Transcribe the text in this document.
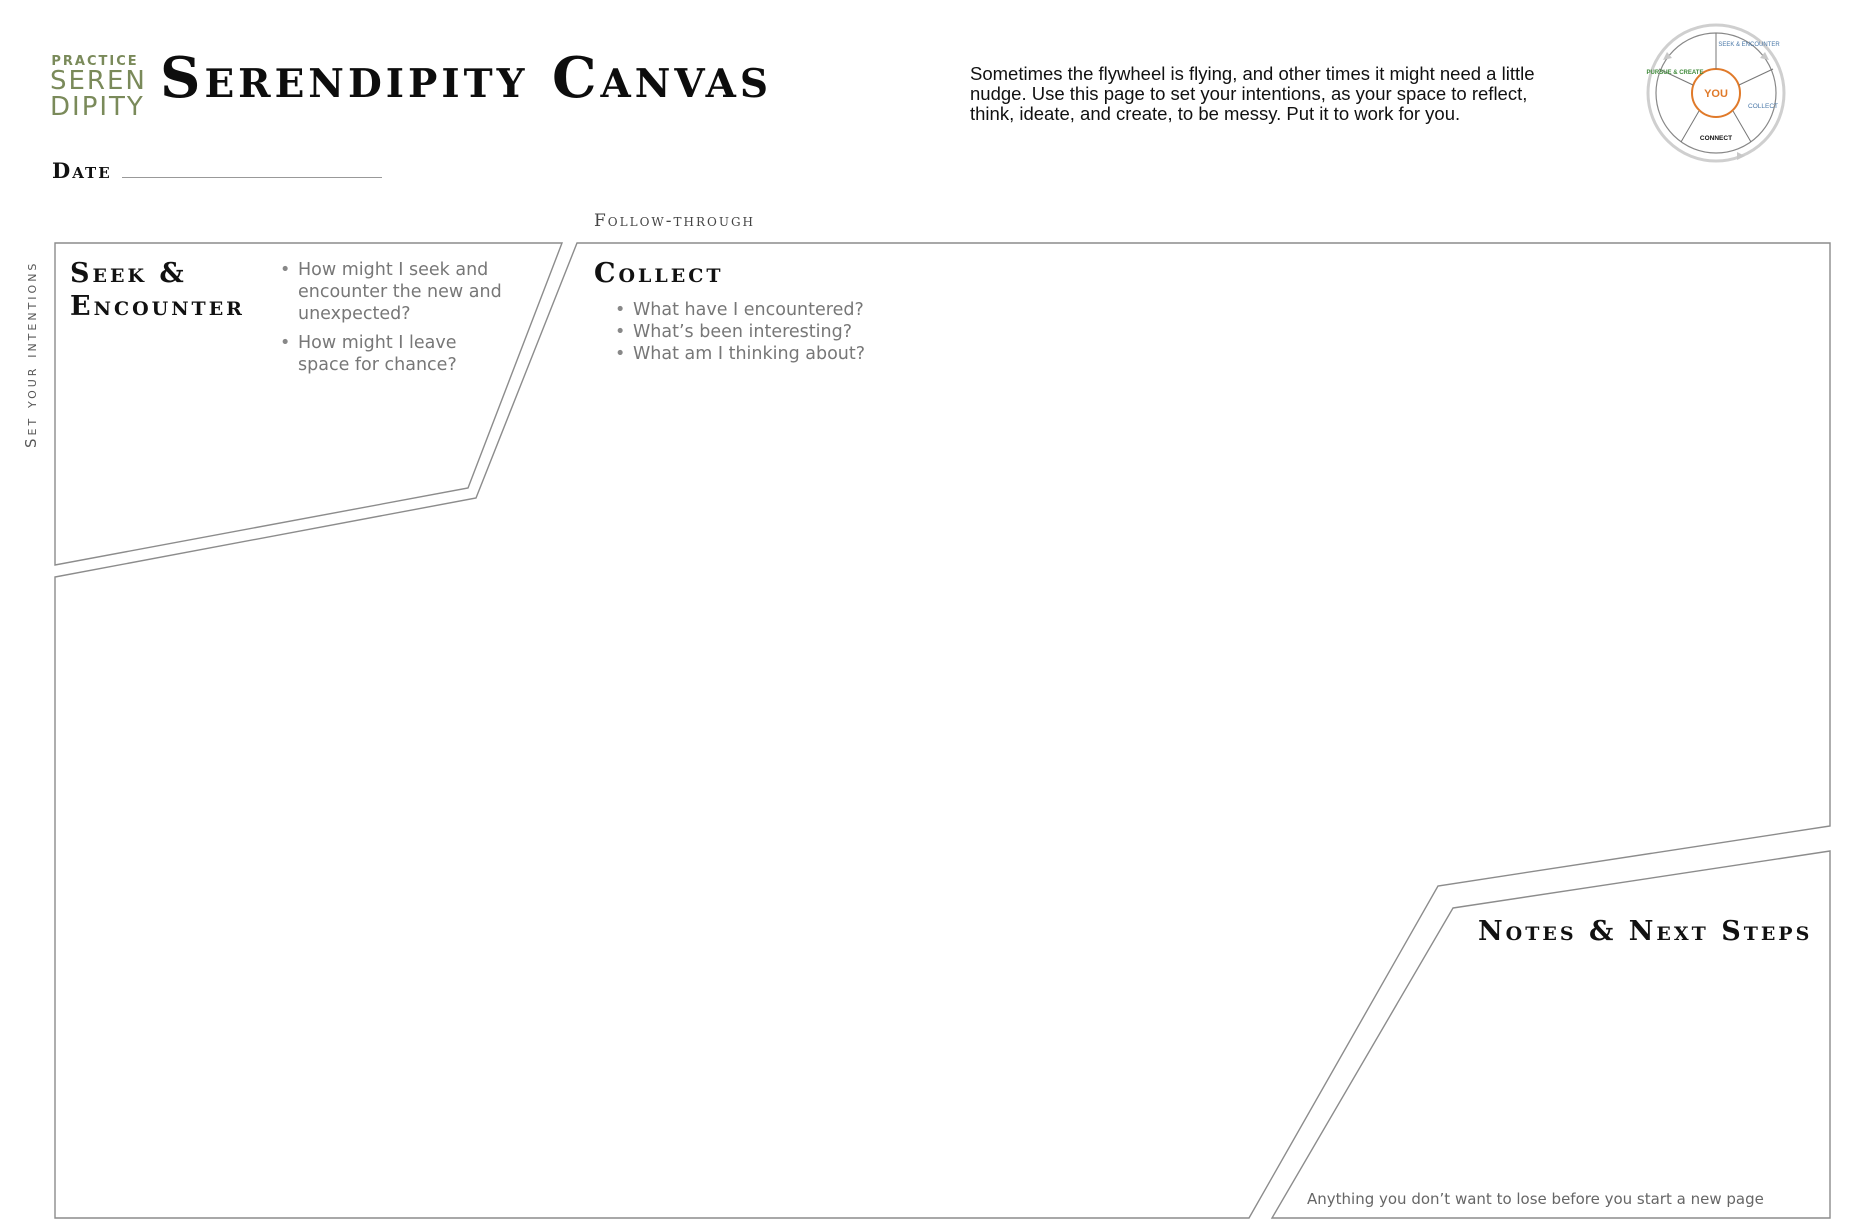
PRACTICE
SEREN
DIPITY Serendipity Canvas	Sometimes the flywheel is flying, and other times it might need a little nudge. Use this page to set your intentions, as your space to reflect, think, ideate, and create, to be messy. Put it to work for you.
YOU
SEEK & ENCOUNTER
COLLECT
CONNECT
PURSUE & CREATE
Date
Set your intentions
Follow-through
Seek &
Encounter
• How might I seek and encounter the new and unexpected?
• How might I leave space for chance?
Collect
• What have I encountered?
• What’s been interesting?
• What am I thinking about?
Notes & Next Steps
Anything you don’t want to lose before you start a new page
